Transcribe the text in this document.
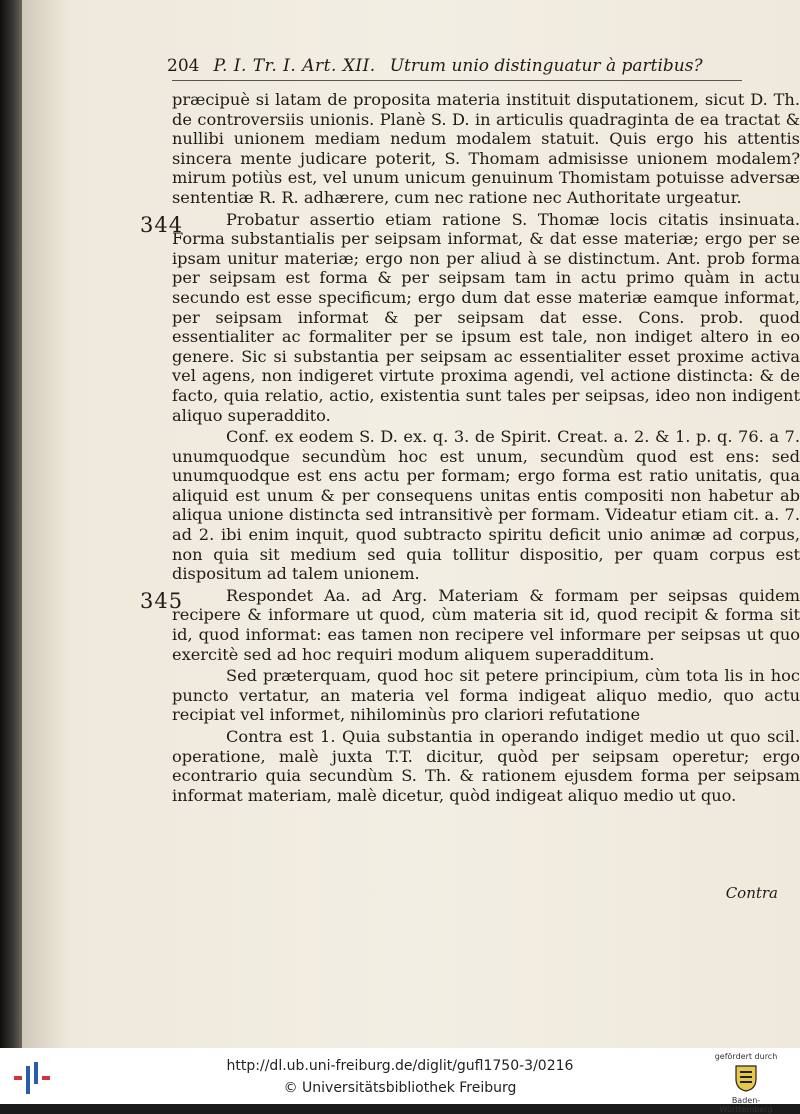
204 P. I. Tr. I. Art. XII. Utrum unio distinguatur à partibus?

præcipuè si latam de proposita materia instituit disputationem, sicut D. Th. de controversiis unionis. Planè S. D. in articulis quadraginta de ea tractat & nullibi unionem mediam nedum modalem statuit. Quis ergo his attentis sincera mente judicare poterit, S. Thomam admisisse unionem modalem? mirum potiùs est, vel unum unicum genuinum Thomistam potuisse adversæ sententiæ R. R. adhærere, cum nec ratione nec Authoritate urgeatur.

344	Probatur assertio etiam ratione S. Thomæ locis citatis insinuata. Forma substantialis per seipsam informat, & dat esse materiæ; ergo per se ipsam unitur materiæ; ergo non per aliud à se distinctum. Ant. prob forma per seipsam est forma & per seipsam tam in actu primo quàm in actu secundo est esse specificum; ergo dum dat esse materiæ eamque informat, per seipsam informat & per seipsam dat esse. Cons. prob. quod essentialiter ac formaliter per se ipsum est tale, non indiget altero in eo genere. Sic si substantia per seipsam ac essentialiter esset proxime activa vel agens, non indigeret virtute proxima agendi, vel actione distincta: & de facto, quia relatio, actio, existentia sunt tales per seipsas, ideo non indigent aliquo superaddito.

Conf. ex eodem S. D. ex. q. 3. de Spirit. Creat. a. 2. & 1. p. q. 76. a 7. unumquodque secundùm hoc est unum, secundùm quod est ens: sed unumquodque est ens actu per formam; ergo forma est ratio unitatis, qua aliquid est unum & per consequens unitas entis compositi non habetur ab aliqua unione distincta sed intransitivè per formam. Videatur etiam cit. a. 7. ad 2. ibi enim inquit, quod subtracto spiritu deficit unio animæ ad corpus, non quia sit medium sed quia tollitur dispositio, per quam corpus est dispositum ad talem unionem.

345	Respondet Aa. ad Arg. Materiam & formam per seipsas quidem recipere & informare ut quod, cùm materia sit id, quod recipit & forma sit id, quod informat: eas tamen non recipere vel informare per seipsas ut quo exercitè sed ad hoc requiri modum aliquem superadditum.

Sed præterquam, quod hoc sit petere principium, cùm tota lis in hoc puncto vertatur, an materia vel forma indigeat aliquo medio, quo actu recipiat vel informet, nihilominùs pro clariori refutatione

Contra est 1. Quia substantia in operando indiget medio ut quo scil. operatione, malè juxta T.T. dicitur, quòd per seipsam operetur; ergo econtrario quia secundùm S. Th. & rationem ejusdem forma per seipsam informat materiam, malè dicetur, quòd indigeat aliquo medio ut quo.

Contra
http://dl.ub.uni-freiburg.de/diglit/gufl1750-3/0216
© Universitätsbibliothek Freiburg
gefördert durch
Baden-Württemberg
